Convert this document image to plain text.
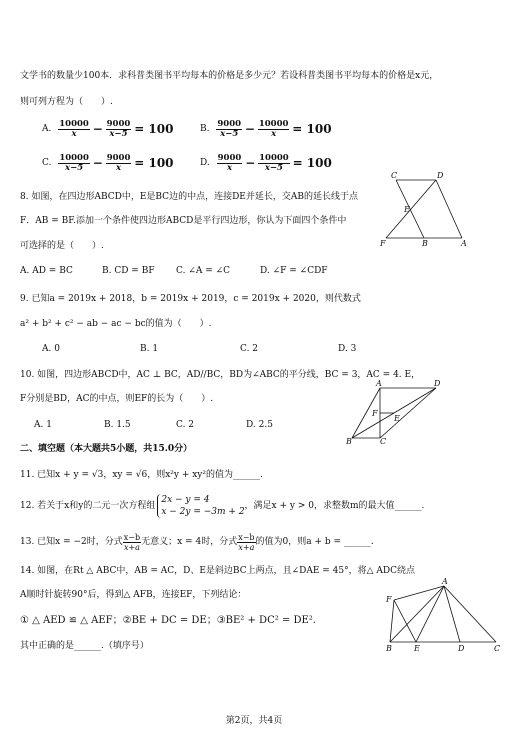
文学书的数量少100本．求科普类图书平均每本的价格是多少元？若设科普类图书平均每本的价格是x元，
则可列方程为（　　）.
A. $\frac{10000}{x} - \frac{9000}{x-5} = 100$	B. $\frac{9000}{x-5} - \frac{10000}{x} = 100$
C. $\frac{10000}{x-5} - \frac{9000}{x} = 100$	D. $\frac{9000}{x} - \frac{10000}{x-5} = 100$
8. 如图，在四边形ABCD中，E是BC边的中点，连接DE并延长，交AB的延长线于点
F．AB = BF.添加一个条件使四边形ABCD是平行四边形，你认为下面四个条件中
可选择的是（　　）.
C	D
E
F	B	A
A. AD = BC	B. CD = BF C. ∠A = ∠C	D. ∠F = ∠CDF
9. 已知a = 2019x + 2018，b = 2019x + 2019，c = 2019x + 2020，则代数式
a² + b² + c² − ab − ac − bc的值为（　　）.
A. 0	B. 1	C. 2	D. 3
10. 如图，四边形ABCD中，AC ⊥ BC，AD//BC，BD为∠ABC的平分线，BC = 3，AC = 4. E，
F分别是BD，AC的中点，则EF的长为（　　）.
A	D
F
E
B	C
A. 1	B. 1.5	C. 2	D. 2.5
二、填空题（本大题共5小题，共15.0分）
11. 已知x + y = √3，xy = √6，则x²y + xy²的值为______.
12. 若关于x和y的二元一次方程组
2x − y = 4
x − 2y = −3m + 2
，满足x + y > 0，求整数m的最大值______.
13. 已知x = −2时，分式 $\frac{x-b}{x+a}$ 无意义；x = 4时，分式 $\frac{x-b}{x+a}$ 的值为0，则a + b = ______.
14. 如图，在Rt △ ABC中，AB = AC，D、E是斜边BC上两点，且∠DAE = 45°，将△ ADC绕点
A顺时针旋转90°后，得到△ AFB，连接EF，下列结论：
① △ AED ≌ △ AEF；②BE + DC = DE；③BE² + DC² = DE².
其中正确的是______.（填序号）
A
F
B	E	D	C
第2页，共4页
